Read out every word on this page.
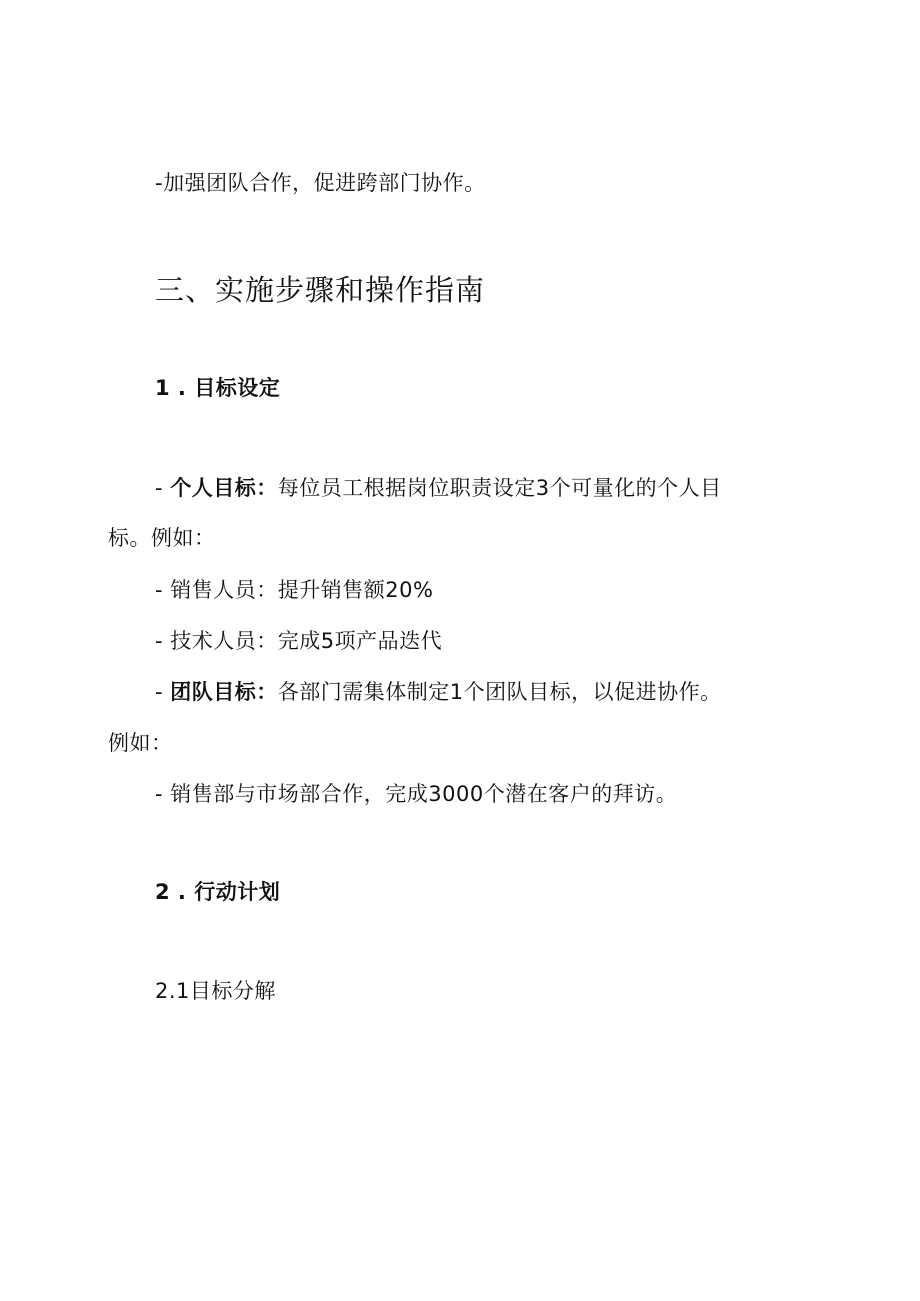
-加强团队合作，促进跨部门协作。
三、实施步骤和操作指南
1 . 目标设定
- 个人目标：每位员工根据岗位职责设定3个可量化的个人目
标。例如：
- 销售人员：提升销售额20%
- 技术人员：完成5项产品迭代
- 团队目标：各部门需集体制定1个团队目标，以促进协作。
例如：
- 销售部与市场部合作，完成3000个潜在客户的拜访。
2 . 行动计划
2.1目标分解
